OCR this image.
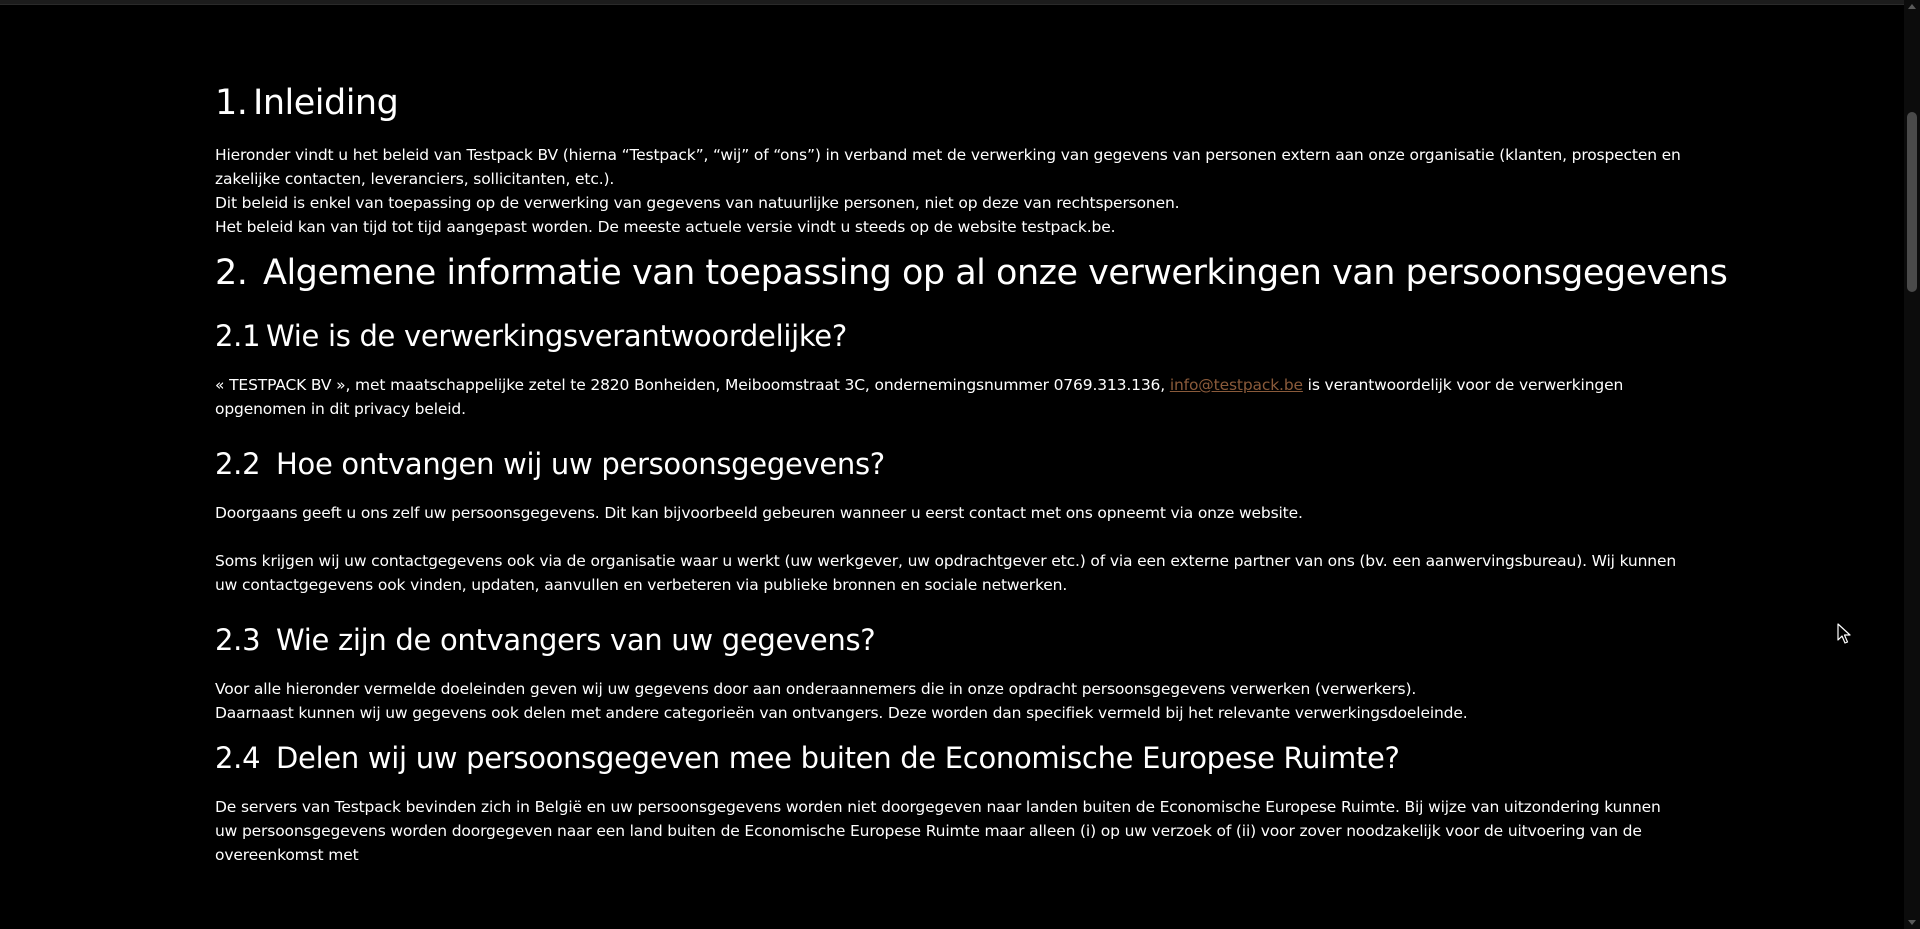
1. Inleiding

Hieronder vindt u het beleid van Testpack BV (hierna “Testpack”, “wij” of “ons”) in verband met de verwerking van gegevens van personen extern aan onze organisatie (klanten, prospecten en zakelijke contacten, leveranciers, sollicitanten, etc.).

Dit beleid is enkel van toepassing op de verwerking van gegevens van natuurlijke personen, niet op deze van rechtspersonen.

Het beleid kan van tijd tot tijd aangepast worden. De meeste actuele versie vindt u steeds op de website testpack.be.

2. Algemene informatie van toepassing op al onze verwerkingen van persoonsgegevens
2.1 Wie is de verwerkingsverantwoordelijke?

« TESTPACK BV », met maatschappelijke zetel te 2820 Bonheiden, Meiboomstraat 3C, ondernemingsnummer 0769.313.136, info@testpack.be is verantwoordelijk voor de verwerkingen opgenomen in dit privacy beleid.

2.2 Hoe ontvangen wij uw persoonsgegevens?

Doorgaans geeft u ons zelf uw persoonsgegevens. Dit kan bijvoorbeeld gebeuren wanneer u eerst contact met ons opneemt via onze website.

Soms krijgen wij uw contactgegevens ook via de organisatie waar u werkt (uw werkgever, uw opdrachtgever etc.) of via een externe partner van ons (bv. een aanwervingsbureau). Wij kunnen uw contactgegevens ook vinden, updaten, aanvullen en verbeteren via publieke bronnen en sociale netwerken.

2.3 Wie zijn de ontvangers van uw gegevens?

Voor alle hieronder vermelde doeleinden geven wij uw gegevens door aan onderaannemers die in onze opdracht persoonsgegevens verwerken (verwerkers).

Daarnaast kunnen wij uw gegevens ook delen met andere categorieën van ontvangers. Deze worden dan specifiek vermeld bij het relevante verwerkingsdoeleinde.

2.4 Delen wij uw persoonsgegeven mee buiten de Economische Europese Ruimte?

De servers van Testpack bevinden zich in België en uw persoonsgegevens worden niet doorgegeven naar landen buiten de Economische Europese Ruimte. Bij wijze van uitzondering kunnen uw persoonsgegevens worden doorgegeven naar een land buiten de Economische Europese Ruimte maar alleen (i) op uw verzoek of (ii) voor zover noodzakelijk voor de uitvoering van de overeenkomst met
